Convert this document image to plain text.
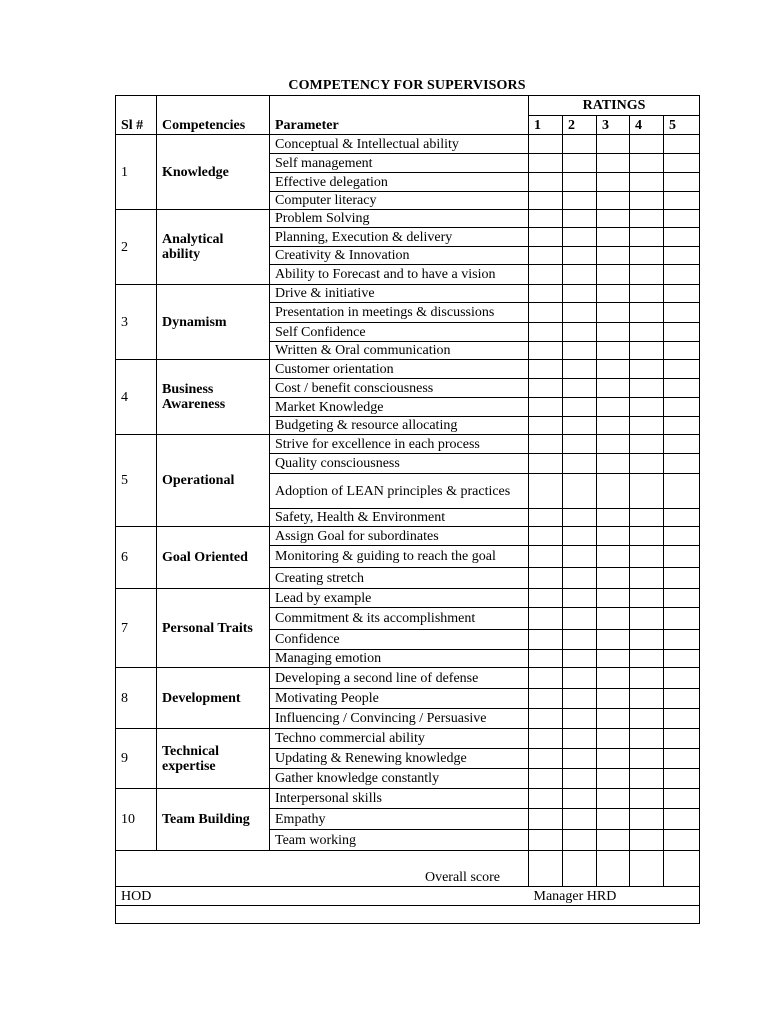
COMPETENCY FOR SUPERVISORS
Sl #	Competencies	Parameter	RATINGS				
			1	2	3	4	5
1	Knowledge	Conceptual & Intellectual ability					
		Self management					
		Effective delegation					
		Computer literacy					
2	Analytical ability	Problem Solving					
		Planning, Execution & delivery					
		Creativity & Innovation					
		Ability to Forecast and to have a vision					
3	Dynamism	Drive & initiative					
		Presentation in meetings & discussions					
		Self Confidence					
		Written & Oral communication					
4	Business Awareness	Customer orientation					
		Cost / benefit consciousness					
		Market Knowledge					
		Budgeting & resource allocating					
5	Operational	Strive for excellence in each process					
		Quality consciousness					
		Adoption of LEAN principles & practices					
		Safety, Health & Environment					
6	Goal Oriented	Assign Goal for subordinates					
		Monitoring & guiding to reach the goal					
		Creating stretch					
7	Personal Traits	Lead by example					
		Commitment & its accomplishment					
		Confidence					
		Managing emotion					
8	Development	Developing a second line of defense					
		Motivating People					
		Influencing / Convincing / Persuasive					
9	Technical expertise	Techno commercial ability					
		Updating & Renewing knowledge					
		Gather knowledge constantly					
10	Team Building	Interpersonal skills					
		Empathy					
		Team working					
Overall score							
HOD			Manager HRD				
